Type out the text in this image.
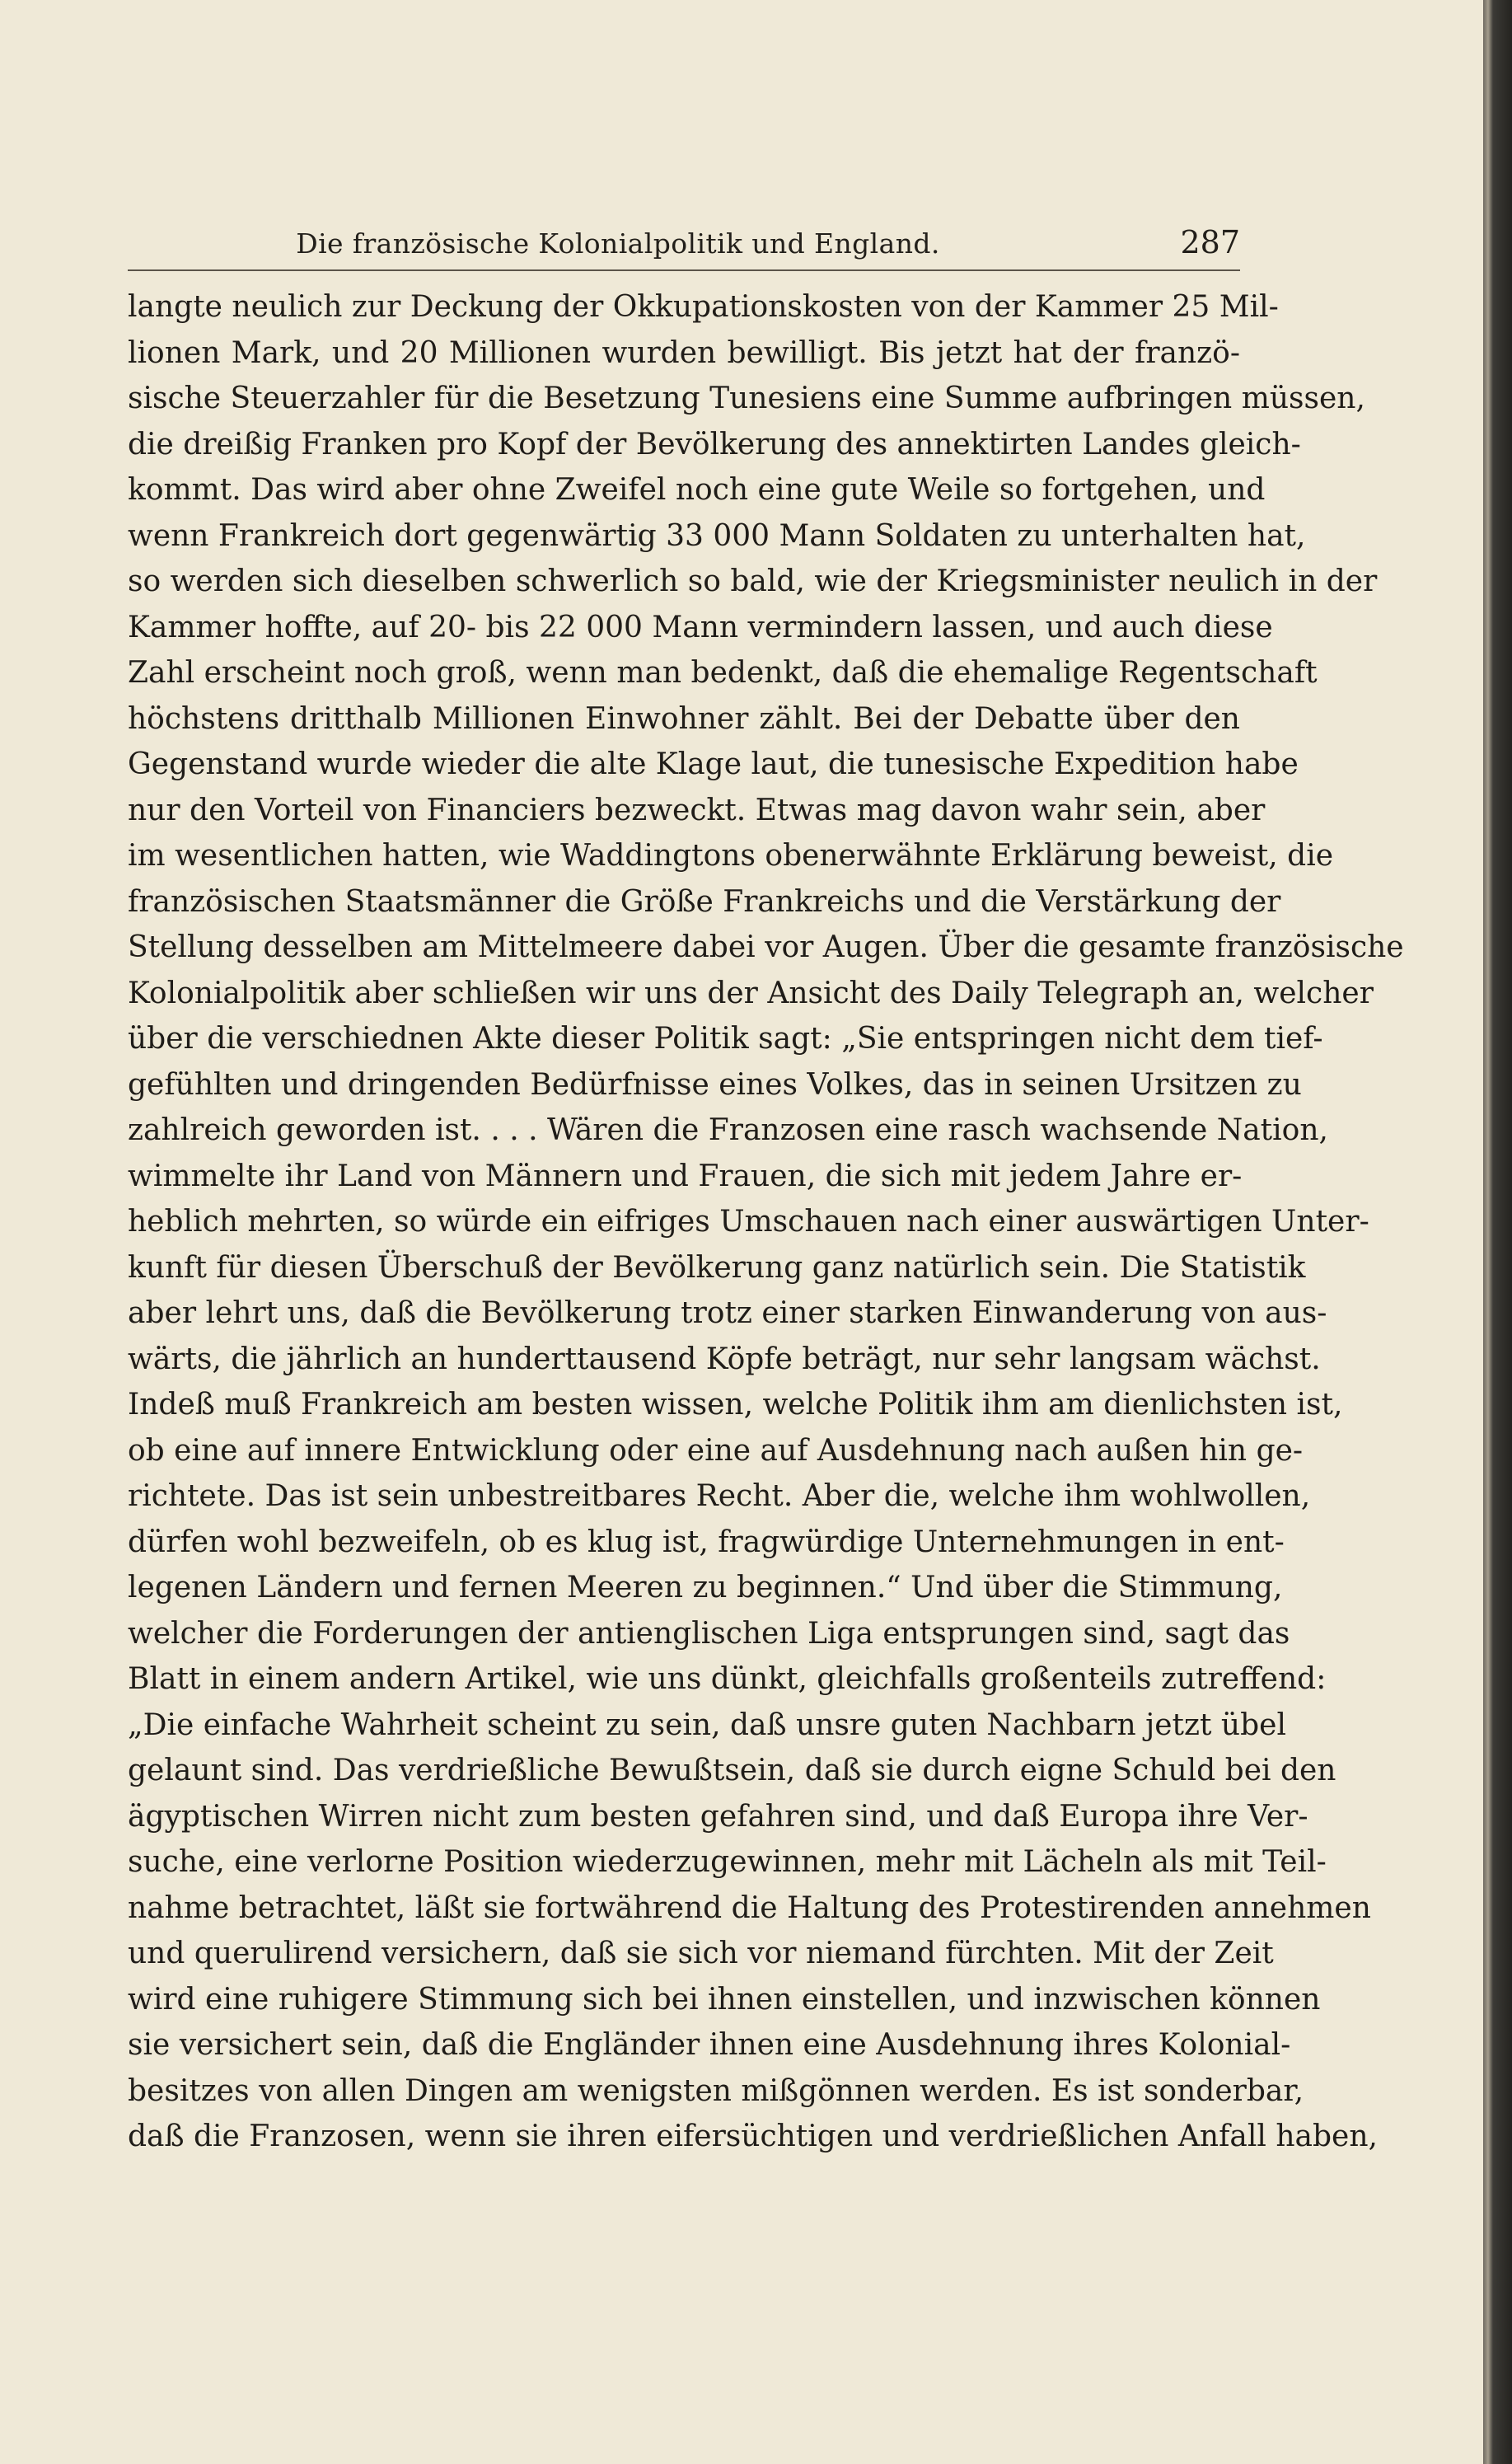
Die französische Kolonialpolitik und England.	287
langte neulich zur Deckung der Okkupationskosten von der Kammer 25 Mil-
lionen Mark, und 20 Millionen wurden bewilligt. Bis jetzt hat der franzö-
sische Steuerzahler für die Besetzung Tunesiens eine Summe aufbringen müssen,
die dreißig Franken pro Kopf der Bevölkerung des annektirten Landes gleich-
kommt. Das wird aber ohne Zweifel noch eine gute Weile so fortgehen, und
wenn Frankreich dort gegenwärtig 33 000 Mann Soldaten zu unterhalten hat,
so werden sich dieselben schwerlich so bald, wie der Kriegsminister neulich in der
Kammer hoffte, auf 20- bis 22 000 Mann vermindern lassen, und auch diese
Zahl erscheint noch groß, wenn man bedenkt, daß die ehemalige Regentschaft
höchstens dritthalb Millionen Einwohner zählt. Bei der Debatte über den
Gegenstand wurde wieder die alte Klage laut, die tunesische Expedition habe
nur den Vorteil von Financiers bezweckt. Etwas mag davon wahr sein, aber
im wesentlichen hatten, wie Waddingtons obenerwähnte Erklärung beweist, die
französischen Staatsmänner die Größe Frankreichs und die Verstärkung der
Stellung desselben am Mittelmeere dabei vor Augen. Über die gesamte französische
Kolonialpolitik aber schließen wir uns der Ansicht des Daily Telegraph an, welcher
über die verschiednen Akte dieser Politik sagt: „Sie entspringen nicht dem tief-
gefühlten und dringenden Bedürfnisse eines Volkes, das in seinen Ursitzen zu
zahlreich geworden ist. . . . Wären die Franzosen eine rasch wachsende Nation,
wimmelte ihr Land von Männern und Frauen, die sich mit jedem Jahre er-
heblich mehrten, so würde ein eifriges Umschauen nach einer auswärtigen Unter-
kunft für diesen Überschuß der Bevölkerung ganz natürlich sein. Die Statistik
aber lehrt uns, daß die Bevölkerung trotz einer starken Einwanderung von aus-
wärts, die jährlich an hunderttausend Köpfe beträgt, nur sehr langsam wächst.
Indeß muß Frankreich am besten wissen, welche Politik ihm am dienlichsten ist,
ob eine auf innere Entwicklung oder eine auf Ausdehnung nach außen hin ge-
richtete. Das ist sein unbestreitbares Recht. Aber die, welche ihm wohlwollen,
dürfen wohl bezweifeln, ob es klug ist, fragwürdige Unternehmungen in ent-
legenen Ländern und fernen Meeren zu beginnen.“ Und über die Stimmung,
welcher die Forderungen der antienglischen Liga entsprungen sind, sagt das
Blatt in einem andern Artikel, wie uns dünkt, gleichfalls großenteils zutreffend:
„Die einfache Wahrheit scheint zu sein, daß unsre guten Nachbarn jetzt übel
gelaunt sind. Das verdrießliche Bewußtsein, daß sie durch eigne Schuld bei den
ägyptischen Wirren nicht zum besten gefahren sind, und daß Europa ihre Ver-
suche, eine verlorne Position wiederzugewinnen, mehr mit Lächeln als mit Teil-
nahme betrachtet, läßt sie fortwährend die Haltung des Protestirenden annehmen
und querulirend versichern, daß sie sich vor niemand fürchten. Mit der Zeit
wird eine ruhigere Stimmung sich bei ihnen einstellen, und inzwischen können
sie versichert sein, daß die Engländer ihnen eine Ausdehnung ihres Kolonial-
besitzes von allen Dingen am wenigsten mißgönnen werden. Es ist sonderbar,
daß die Franzosen, wenn sie ihren eifersüchtigen und verdrießlichen Anfall haben,
